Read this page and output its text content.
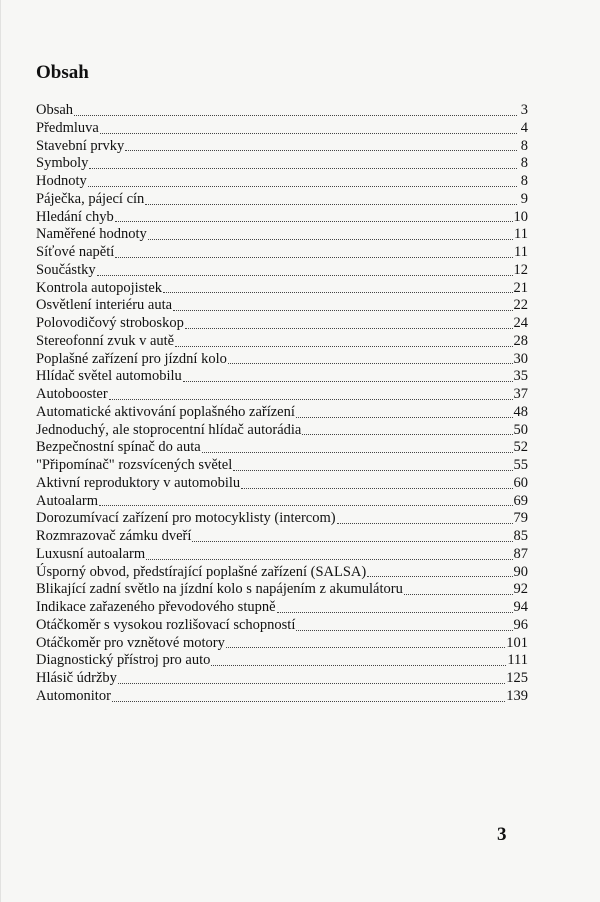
Obsah
Obsah	3
Předmluva	4
Stavební prvky	8
Symboly	8
Hodnoty	8
Páječka, pájecí cín	9
Hledání chyb	10
Naměřené hodnoty	11
Síťové napětí	11
Součástky	12
Kontrola autopojistek	21
Osvětlení interiéru auta	22
Polovodičový stroboskop	24
Stereofonní zvuk v autě	28
Poplašné zařízení pro jízdní kolo	30
Hlídač světel automobilu	35
Autobooster	37
Automatické aktivování poplašného zařízení	48
Jednoduchý, ale stoprocentní hlídač autorádia	50
Bezpečnostní spínač do auta	52
"Připomínač" rozsvícených světel	55
Aktivní reproduktory v automobilu	60
Autoalarm	69
Dorozumívací zařízení pro motocyklisty (intercom)	79
Rozmrazovač zámku dveří	85
Luxusní autoalarm	87
Úsporný obvod, předstírající poplašné zařízení (SALSA)	90
Blikající zadní světlo na jízdní kolo s napájením z akumulátoru	92
Indikace zařazeného převodového stupně	94
Otáčkoměr s vysokou rozlišovací schopností	96
Otáčkoměr pro vznětové motory	101
Diagnostický přístroj pro auto	111
Hlásič údržby	125
Automonitor	139
3
